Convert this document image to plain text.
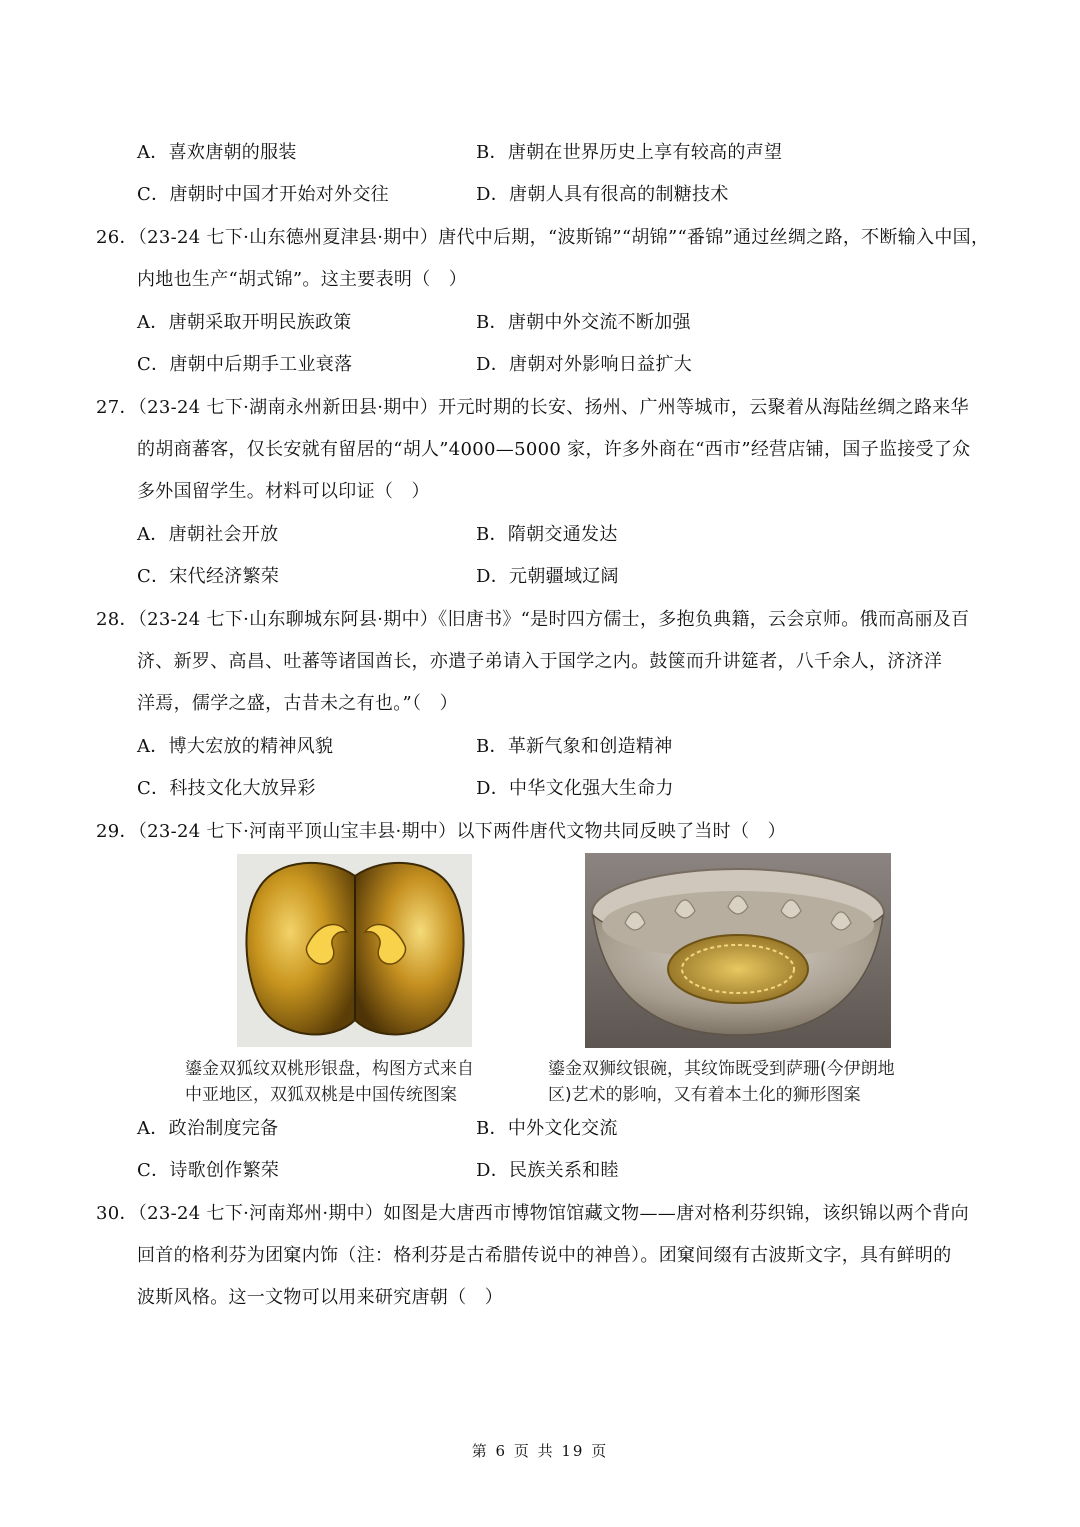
A．喜欢唐朝的服装	B．唐朝在世界历史上享有较高的声望
C．唐朝时中国才开始对外交往	D．唐朝人具有很高的制糖技术
26．（23-24 七下·山东德州夏津县·期中）唐代中后期，“波斯锦”“胡锦”“番锦”通过丝绸之路，不断输入中国，
内地也生产“胡式锦”。这主要表明（　）
A．唐朝采取开明民族政策	B．唐朝中外交流不断加强
C．唐朝中后期手工业衰落	D．唐朝对外影响日益扩大
27．（23-24 七下·湖南永州新田县·期中）开元时期的长安、扬州、广州等城市，云聚着从海陆丝绸之路来华
的胡商蕃客，仅长安就有留居的“胡人”4000—5000 家，许多外商在“西市”经营店铺，国子监接受了众
多外国留学生。材料可以印证（　）
A．唐朝社会开放	B．隋朝交通发达
C．宋代经济繁荣	D．元朝疆域辽阔
28．（23-24 七下·山东聊城东阿县·期中）《旧唐书》“是时四方儒士，多抱负典籍，云会京师。俄而高丽及百
济、新罗、高昌、吐蕃等诸国酋长，亦遣子弟请入于国学之内。鼓箧而升讲筵者，八千余人，济济洋
洋焉，儒学之盛，古昔未之有也。”（　）
A．博大宏放的精神风貌	B．革新气象和创造精神
C．科技文化大放异彩	D．中华文化强大生命力
29．（23-24 七下·河南平顶山宝丰县·期中）以下两件唐代文物共同反映了当时（　）
鎏金双狐纹双桃形银盘，构图方式来自
中亚地区，双狐双桃是中国传统图案
鎏金双狮纹银碗，其纹饰既受到萨珊(今伊朗地
区)艺术的影响，又有着本土化的狮形图案
A．政治制度完备	B．中外文化交流
C．诗歌创作繁荣	D．民族关系和睦
30．（23-24 七下·河南郑州·期中）如图是大唐西市博物馆馆藏文物——唐对格利芬织锦，该织锦以两个背向
回首的格利芬为团窠内饰（注：格利芬是古希腊传说中的神兽）。团窠间缀有古波斯文字，具有鲜明的
波斯风格。这一文物可以用来研究唐朝（　）
第 6 页 共 19 页
